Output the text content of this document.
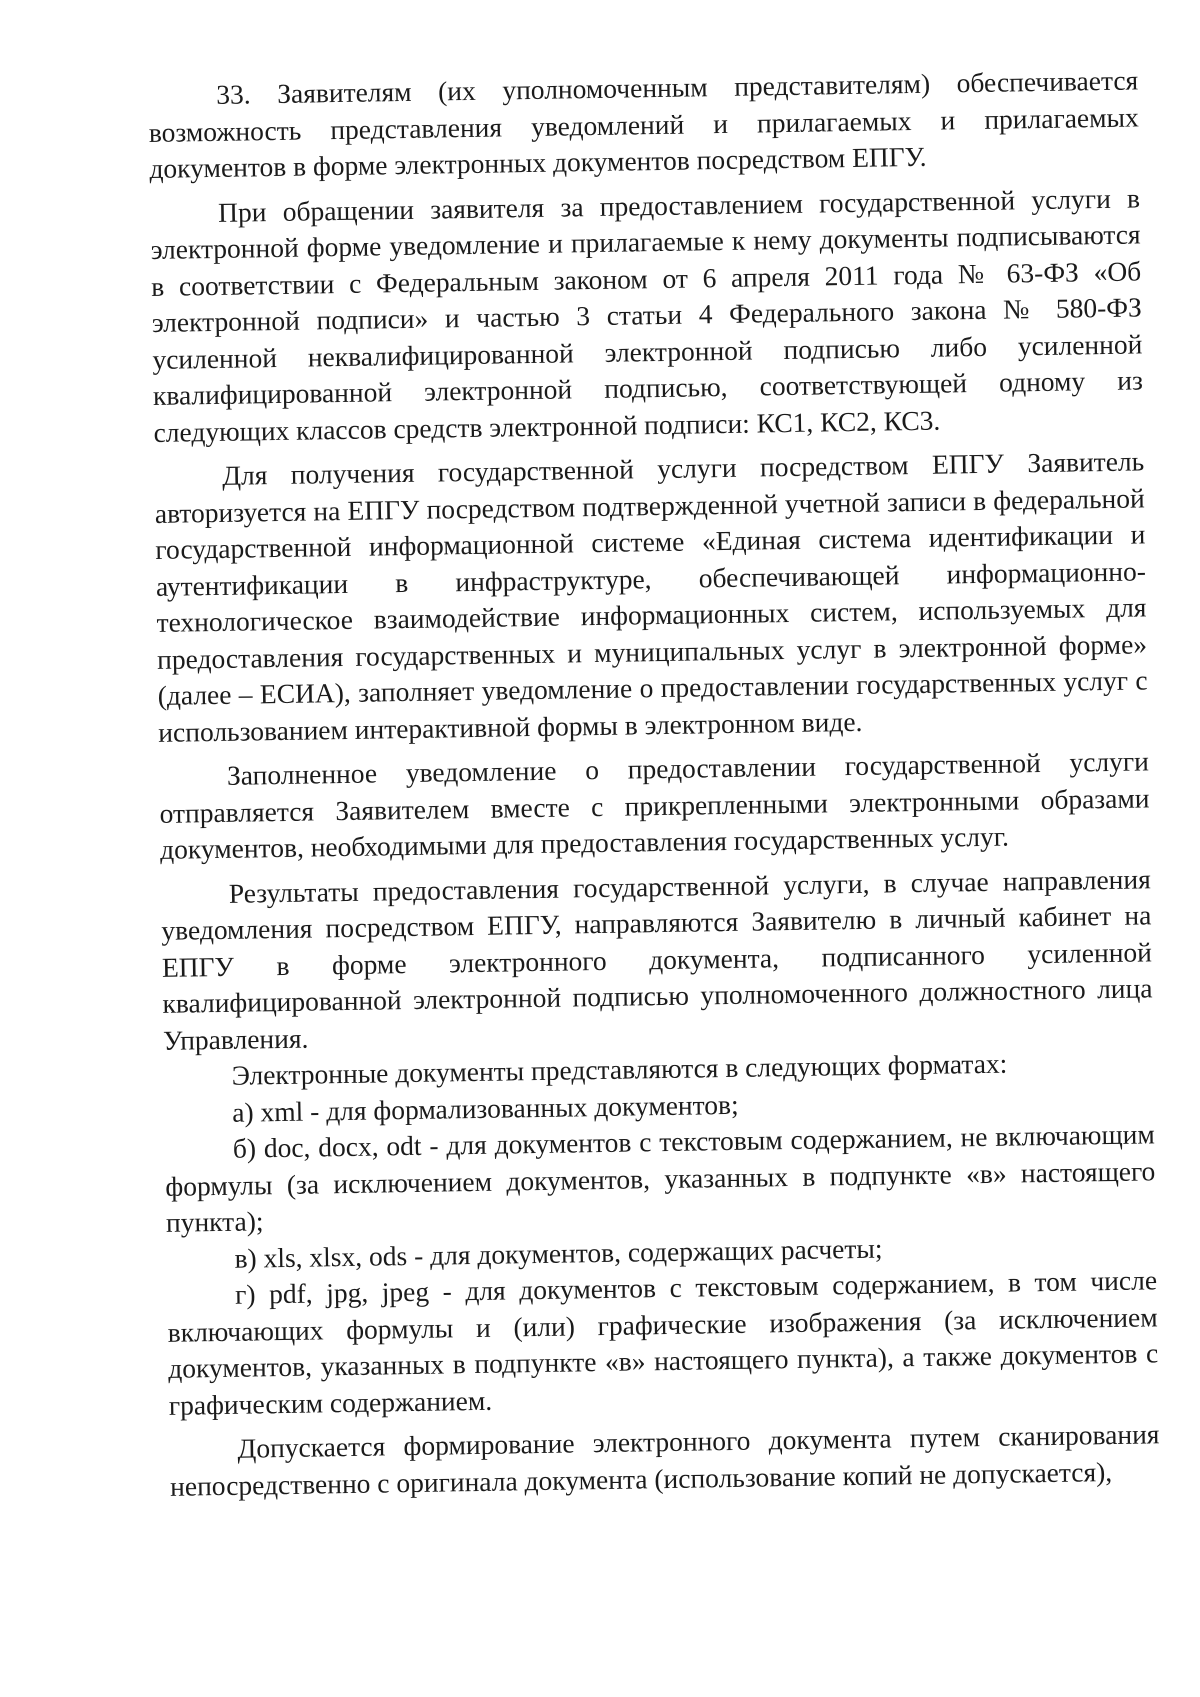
33. Заявителям (их уполномоченным представителям) обеспечивается возможность представления уведомлений и прилагаемых и прилагаемых документов в форме электронных документов посредством ЕПГУ.

При обращении заявителя за предоставлением государственной услуги в электронной форме уведомление и прилагаемые к нему документы подписываются в соответствии с Федеральным законом от 6 апреля 2011 года № 63-ФЗ «Об электронной подписи» и частью 3 статьи 4 Федерального закона № 580-ФЗ усиленной неквалифицированной электронной подписью либо усиленной квалифицированной электронной подписью, соответствующей одному из следующих классов средств электронной подписи: КС1, КС2, КС3.

Для получения государственной услуги посредством ЕПГУ Заявитель авторизуется на ЕПГУ посредством подтвержденной учетной записи в федеральной государственной информационной системе «Единая система идентификации и аутентификации в инфраструктуре, обеспечивающей информационно-технологическое взаимодействие информационных систем, используемых для предоставления государственных и муниципальных услуг в электронной форме» (далее – ЕСИА), заполняет уведомление о предоставлении государственных услуг с использованием интерактивной формы в электронном виде.

Заполненное уведомление о предоставлении государственной услуги отправляется Заявителем вместе с прикрепленными электронными образами документов, необходимыми для предоставления государственных услуг.

Результаты предоставления государственной услуги, в случае направления уведомления посредством ЕПГУ, направляются Заявителю в личный кабинет на ЕПГУ в форме электронного документа, подписанного усиленной квалифицированной электронной подписью уполномоченного должностного лица Управления.

Электронные документы представляются в следующих форматах:

а) xml - для формализованных документов;

б) doc, docx, odt - для документов с текстовым содержанием, не включающим формулы (за исключением документов, указанных в подпункте «в» настоящего пункта);

в) xls, xlsx, ods - для документов, содержащих расчеты;

г) pdf, jpg, jpeg - для документов с текстовым содержанием, в том числе включающих формулы и (или) графические изображения (за исключением документов, указанных в подпункте «в» настоящего пункта), а также документов с графическим содержанием.

Допускается формирование электронного документа путем сканирования непосредственно с оригинала документа (использование копий не допускается),
